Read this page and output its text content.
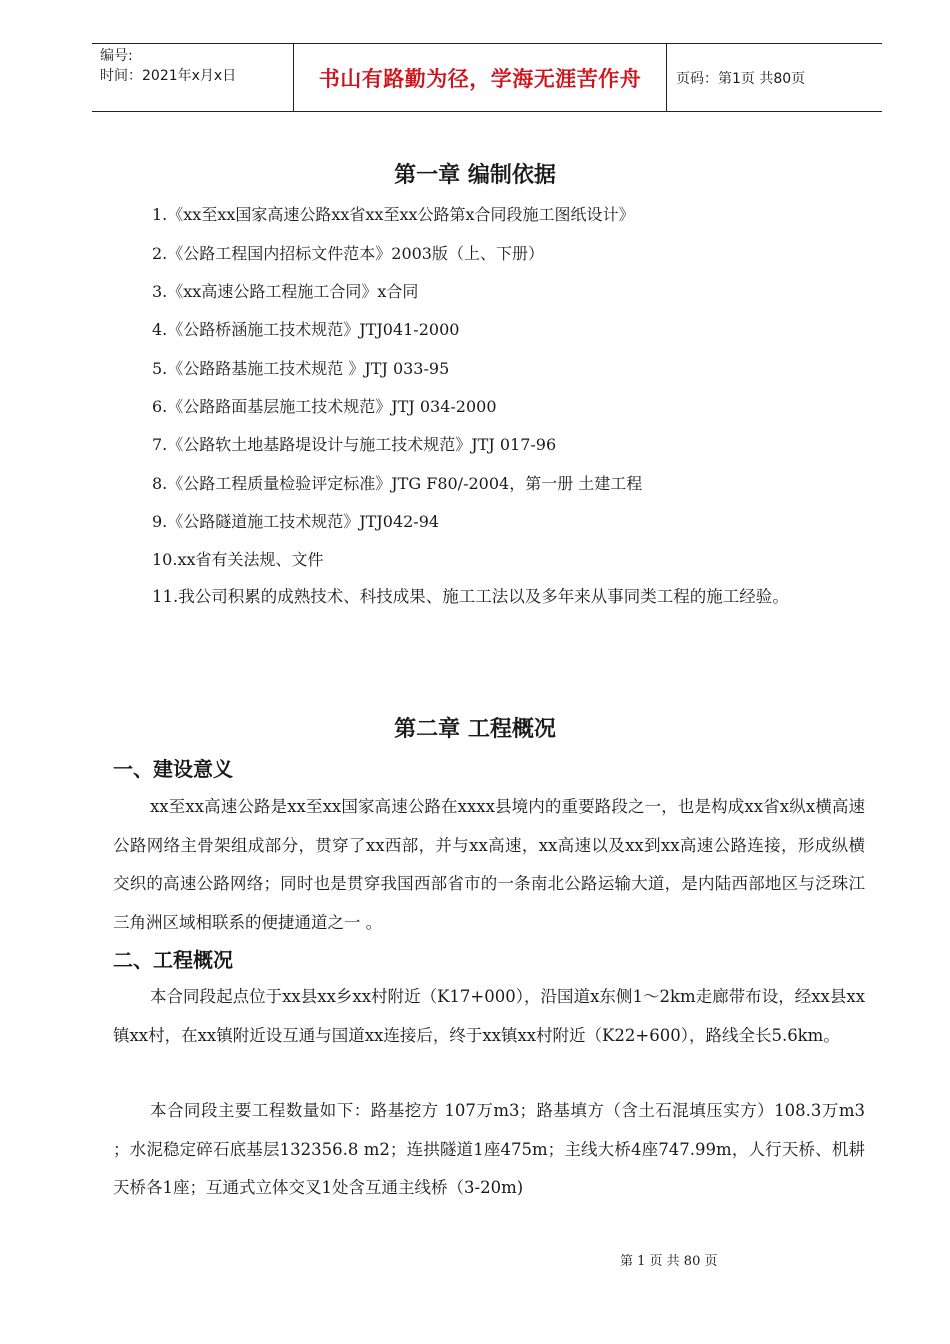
编号:
时间：2021年x月x日	书山有路勤为径，学海无涯苦作舟	页码：第1页 共80页
第一章 编制依据
1.《xx至xx国家高速公路xx省xx至xx公路第x合同段施工图纸设计》
2.《公路工程国内招标文件范本》2003版（上、下册）
3.《xx高速公路工程施工合同》x合同
4.《公路桥涵施工技术规范》JTJ041-2000
5.《公路路基施工技术规范 》JTJ 033-95
6.《公路路面基层施工技术规范》JTJ 034-2000
7.《公路软土地基路堤设计与施工技术规范》JTJ 017-96
8.《公路工程质量检验评定标准》JTG F80/-2004，第一册 土建工程
9.《公路隧道施工技术规范》JTJ042-94
10.xx省有关法规、文件
11.我公司积累的成熟技术、科技成果、施工工法以及多年来从事同类工程的施工经验。
第二章 工程概况
一、建设意义
xx至xx高速公路是xx至xx国家高速公路在xxxx县境内的重要路段之一，也是构成xx省x纵x横高速公路网络主骨架组成部分，贯穿了xx西部，并与xx高速，xx高速以及xx到xx高速公路连接，形成纵横交织的高速公路网络；同时也是贯穿我国西部省市的一条南北公路运输大道，是内陆西部地区与泛珠江三角洲区域相联系的便捷通道之一 。
二、工程概况
本合同段起点位于xx县xx乡xx村附近（K17+000），沿国道x东侧1～2km走廊带布设，经xx县xx镇xx村，在xx镇附近设互通与国道xx连接后，终于xx镇xx村附近（K22+600），路线全长5.6km。
本合同段主要工程数量如下：路基挖方 107万m3；路基填方（含土石混填压实方）108.3万m3 ；水泥稳定碎石底基层132356.8 m2；连拱隧道1座475m；主线大桥4座747.99m，人行天桥、机耕天桥各1座；互通式立体交叉1处含互通主线桥（3-20m)
第 1 页 共 80 页
